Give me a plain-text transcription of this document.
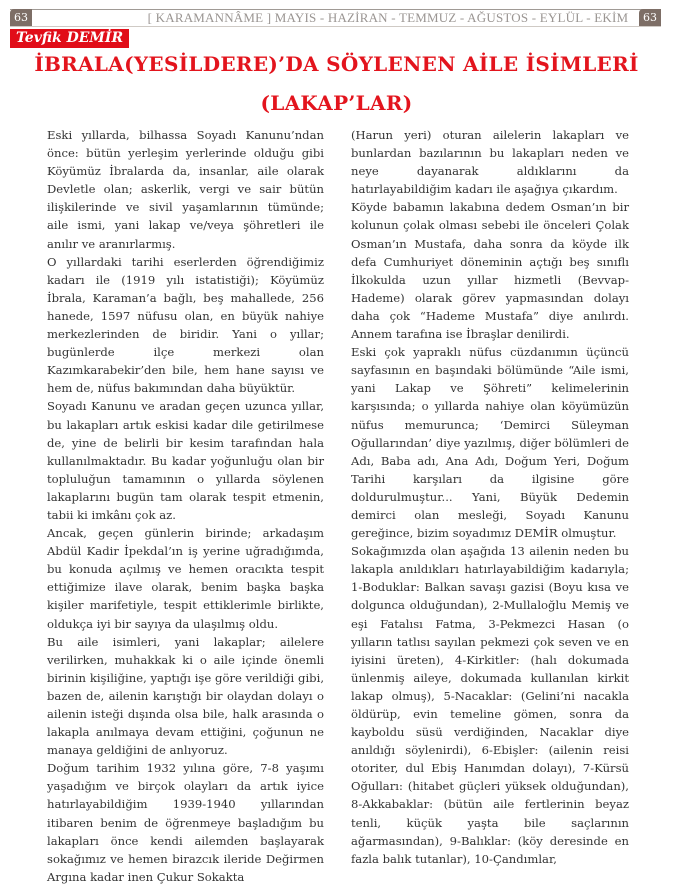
63	[ KARAMANNÂME ] MAYIS - HAZİRAN - TEMMUZ - AĞUSTOS - EYLÜL - EKİM	63
Tevfik DEMİR
İBRALA(YESİLDERE)’DA SÖYLENEN AİLE İSİMLERİ
(LAKAP’LAR)

Eski yıllarda, bilhassa Soyadı Kanunu’ndan önce: bütün yerleşim yerlerinde olduğu gibi Köyümüz İbralarda da, insanlar, aile olarak Devletle olan; askerlik, vergi ve sair bütün ilişkilerinde ve sivil yaşamlarının tümünde; aile ismi, yani lakap ve/veya şöhretleri ile anılır ve aranırlarmış.

O yıllardaki tarihi eserlerden öğrendiğimiz kadarı ile (1919 yılı istatistiği); Köyümüz İbrala, Karaman’a bağlı, beş mahallede, 256 hanede, 1597 nüfusu olan, en büyük nahiye merkezlerinden de biridir. Yani o yıllar; bugünlerde ilçe merkezi olan Kazımkarabekir’den bile, hem hane sayısı ve hem de, nüfus bakımından daha büyüktür.

Soyadı Kanunu ve aradan geçen uzunca yıllar, bu lakapları artık eskisi kadar dile getirilmese de, yine de belirli bir kesim tarafından hala kullanılmaktadır. Bu kadar yoğunluğu olan bir topluluğun tamamının o yıllarda söylenen lakaplarını bugün tam olarak tespit etmenin, tabii ki imkânı çok az.

Ancak, geçen günlerin birinde; arkadaşım Abdül Kadir İpekdal’ın iş yerine uğradığımda, bu konuda açılmış ve hemen oracıkta tespit ettiğimize ilave olarak, benim başka başka kişiler marifetiyle, tespit ettiklerimle birlikte, oldukça iyi bir sayıya da ulaşılmış oldu.

Bu aile isimleri, yani lakaplar; ailelere verilirken, muhakkak ki o aile içinde önemli birinin kişiliğine, yaptığı işe göre verildiği gibi, bazen de, ailenin karıştığı bir olaydan dolayı o ailenin isteği dışında olsa bile, halk arasında o lakapla anılmaya devam ettiğini, çoğunun ne manaya geldiğini de anlıyoruz.

Doğum tarihim 1932 yılına göre, 7-8 yaşımı yaşadığım ve birçok olayları da artık iyice hatırlayabildiğim 1939-1940 yıllarından itibaren benim de öğrenmeye başladığım bu lakapları önce kendi ailemden başlayarak sokağımız ve hemen birazcık ileride Değirmen Argına kadar inen Çukur Sokakta

(Harun yeri) oturan ailelerin lakapları ve bunlardan bazılarının bu lakapları neden ve neye dayanarak aldıklarını da hatırlayabildiğim kadarı ile aşağıya çıkardım.

Köyde babamın lakabına dedem Osman’ın bir kolunun çolak olması sebebi ile önceleri Çolak Osman’ın Mustafa, daha sonra da köyde ilk defa Cumhuriyet döneminin açtığı beş sınıflı İlkokulda uzun yıllar hizmetli (Bevvap-Hademe) olarak görev yapmasından dolayı daha çok “Hademe Mustafa” diye anılırdı. Annem tarafına ise İbraşlar denilirdi.

Eski çok yapraklı nüfus cüzdanımın üçüncü sayfasının en başındaki bölümünde “Aile ismi, yani Lakap ve Şöhreti” kelimelerinin karşısında; o yıllarda nahiye olan köyümüzün nüfus memurunca; ‘Demirci Süleyman Oğullarından’ diye yazılmış, diğer bölümleri de Adı, Baba adı, Ana Adı, Doğum Yeri, Doğum Tarihi karşıları da ilgisine göre doldurulmuştur... Yani, Büyük Dedemin demirci olan mesleği, Soyadı Kanunu gereğince, bizim soyadımız DEMİR olmuştur.

Sokağımızda olan aşağıda 13 ailenin neden bu lakapla anıldıkları hatırlayabildiğim kadarıyla; 1-Boduklar: Balkan savaşı gazisi (Boyu kısa ve dolgunca olduğundan), 2-Mullaloğlu Memiş ve eşi Fatalısı Fatma, 3-Pekmezci Hasan (o yılların tatlısı sayılan pekmezi çok seven ve en iyisini üreten), 4-Kirkitler: (halı dokumada ünlenmiş aileye, dokumada kullanılan kirkit lakap olmuş), 5-Nacaklar: (Gelini’ni nacakla öldürüp, evin temeline gömen, sonra da kayboldu süsü verdiğinden, Nacaklar diye anıldığı söylenirdi), 6-Ebişler: (ailenin reisi otoriter, dul Ebiş Hanımdan dolayı), 7-Kürsü Oğulları: (hitabet güçleri yüksek olduğundan), 8-Akkabaklar: (bütün aile fertlerinin beyaz tenli, küçük yaşta bile saçlarının ağarmasından), 9-Balıklar: (köy deresinde en fazla balık tutanlar), 10-Çandımlar,
